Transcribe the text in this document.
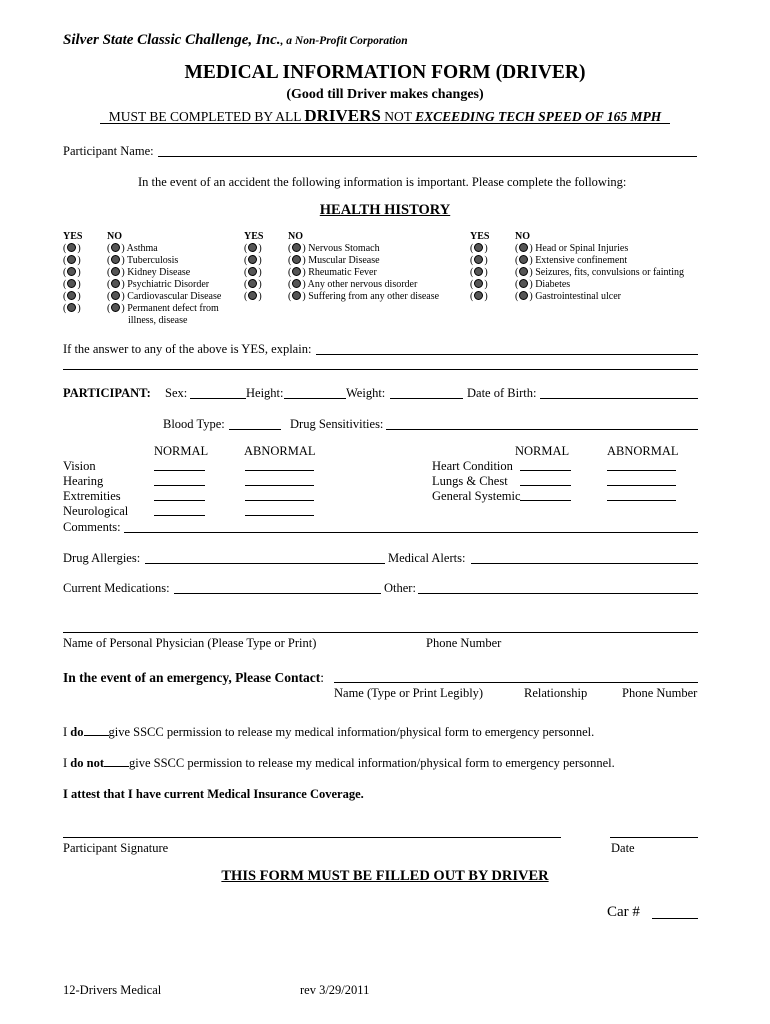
Silver State Classic Challenge, Inc., a Non-Profit Corporation
MEDICAL INFORMATION FORM (DRIVER)
(Good till Driver makes changes)
MUST BE COMPLETED BY ALL DRIVERS NOT EXCEEDING TECH SPEED OF 165 MPH
Participant Name:
In the event of an accident the following information is important. Please complete the following:
HEALTH HISTORY
YES NO
( )	( ) Asthma
( )	( ) Tuberculosis
( )	( ) Kidney Disease
( )	( ) Psychiatric Disorder
( )	( ) Cardiovascular Disease
( )	( ) Permanent defect from
illness, disease
YES NO
( )	( ) Nervous Stomach
( )	( ) Muscular Disease
( )	( ) Rheumatic Fever
( )	( ) Any other nervous disorder
( )	( ) Suffering from any other disease
YES	NO
( )	( ) Head or Spinal Injuries
( )	( ) Extensive confinement
( )	( ) Seizures, fits, convulsions or fainting
( )	( ) Diabetes
( )	( ) Gastrointestinal ulcer
If the answer to any of the above is YES, explain:
PARTICIPANT: Sex:	Height:	Weight:	Date of Birth:
Blood Type:	Drug Sensitivities:
NORMAL	ABNORMAL	NORMAL	ABNORMAL
Vision
Hearing
Extremities
Neurological
Heart Condition
Lungs & Chest
General Systemic
Comments:
Drug Allergies:	Medical Alerts:
Current Medications:	Other:
Name of Personal Physician (Please Type or Print)	Phone Number
In the event of an emergency, Please Contact:
Name (Type or Print Legibly)	Relationship	Phone Number
I do give SSCC permission to release my medical information/physical form to emergency personnel.
I do not give SSCC permission to release my medical information/physical form to emergency personnel.
I attest that I have current Medical Insurance Coverage.
Participant Signature	Date
THIS FORM MUST BE FILLED OUT BY DRIVER
Car #
12-Drivers Medical	rev 3/29/2011
